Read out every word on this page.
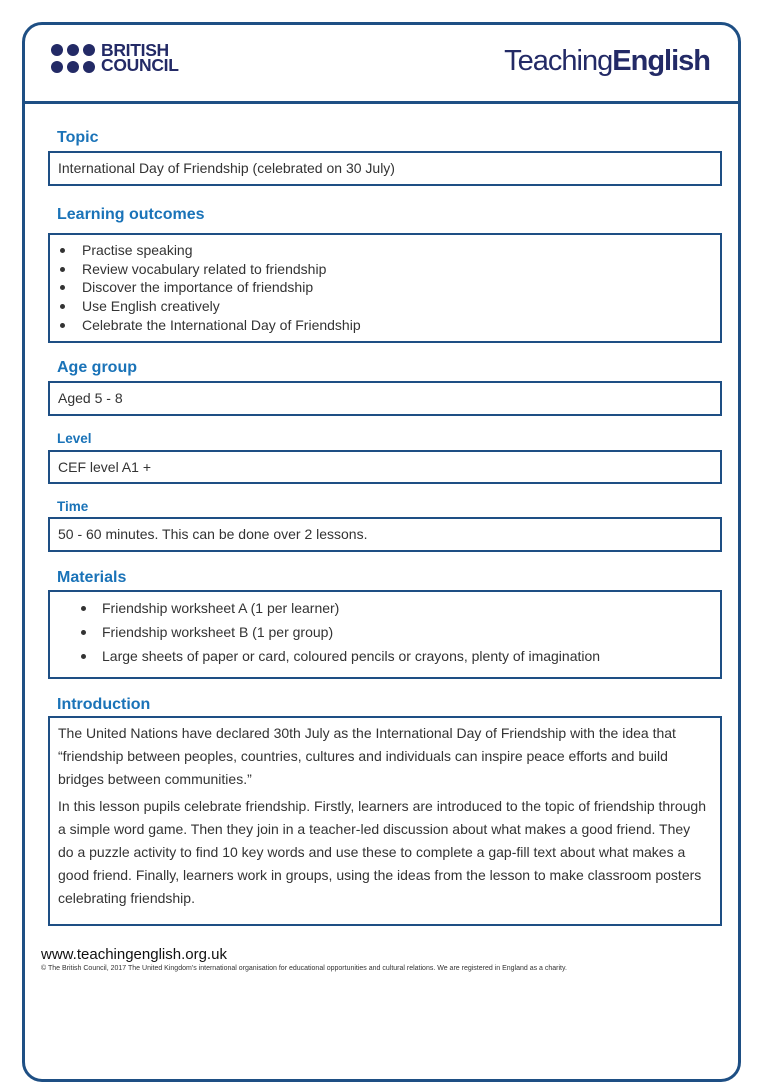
BRITISH
COUNCIL	TeachingEnglish
Topic
International Day of Friendship (celebrated on 30 July)
Learning outcomes
Practise speaking
Review vocabulary related to friendship
Discover the importance of friendship
Use English creatively
Celebrate the International Day of Friendship
Age group
Aged 5 - 8
Level
CEF level A1 +
Time
50 - 60 minutes. This can be done over 2 lessons.
Materials
Friendship worksheet A (1 per learner)
Friendship worksheet B (1 per group)
Large sheets of paper or card, coloured pencils or crayons, plenty of imagination
Introduction

The United Nations have declared 30th July as the International Day of Friendship with the idea that “friendship between peoples, countries, cultures and individuals can inspire peace efforts and build bridges between communities.”

In this lesson pupils celebrate friendship. Firstly, learners are introduced to the topic of friendship through a simple word game. Then they join in a teacher-led discussion about what makes a good friend. They do a puzzle activity to find 10 key words and use these to complete a gap-fill text about what makes a good friend. Finally, learners work in groups, using the ideas from the lesson to make classroom posters celebrating friendship.

www.teachingenglish.org.uk
© The British Council, 2017 The United Kingdom’s international organisation for educational opportunities and cultural relations. We are registered in England as a charity.
